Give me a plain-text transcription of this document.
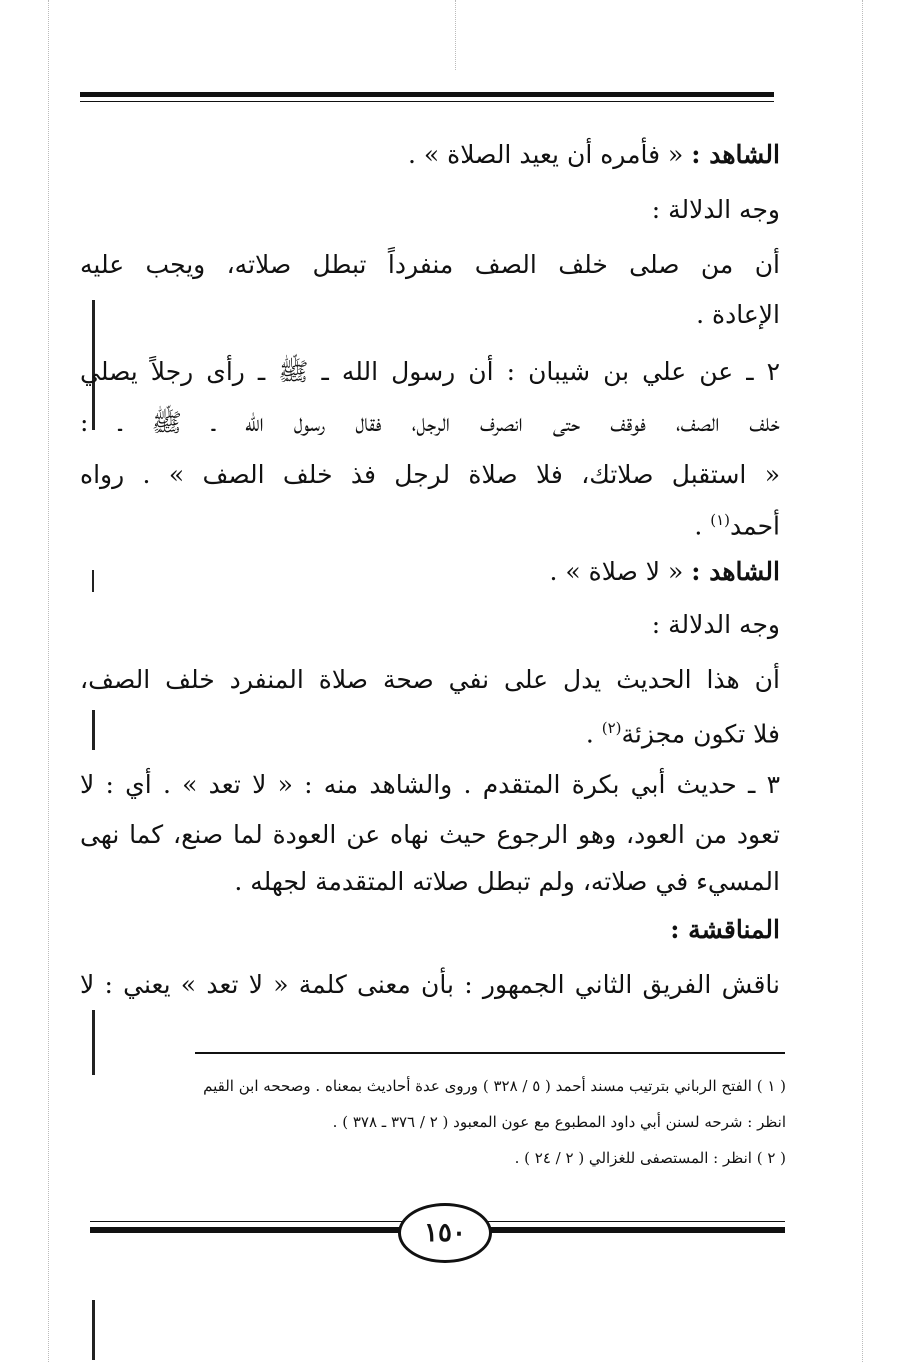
الشاهد : « فأمره أن يعيد الصلاة » .
وجه الدلالة :
أن من صلى خلف الصف منفرداً تبطل صلاته، ويجب عليه
الإعادة .
٢ ـ عن علي بن شيبان : أن رسول الله ـ ﷺ ـ رأى رجلاً يصلي
خلف الصف، فوقف حتى انصرف الرجل، فقال رسول الله ـ ﷺ ـ :
« استقبل صلاتك، فلا صلاة لرجل فذ خلف الصف » . رواه
أحمد$^{(١)}$ .
الشاهد : « لا صلاة » .
وجه الدلالة :
أن هذا الحديث يدل على نفي صحة صلاة المنفرد خلف الصف،
فلا تكون مجزئة$^{(٢)}$ .
٣ ـ حديث أبي بكرة المتقدم . والشاهد منه : « لا تعد » . أي : لا
تعود من العود، وهو الرجوع حيث نهاه عن العودة لما صنع، كما نهى
المسيء في صلاته، ولم تبطل صلاته المتقدمة لجهله .
المناقشة :
ناقش الفريق الثاني الجمهور : بأن معنى كلمة « لا تعد » يعني : لا
( ١ ) الفتح الرباني بترتيب مسند أحمد ( ٥ / ٣٢٨ ) وروى عدة أحاديث بمعناه . وصححه ابن القيم
انظر : شرحه لسنن أبي داود المطبوع مع عون المعبود ( ٢ / ٣٧٦ ـ ٣٧٨ ) .
( ٢ ) انظر : المستصفى للغزالي ( ٢ / ٢٤ ) .
١٥٠
